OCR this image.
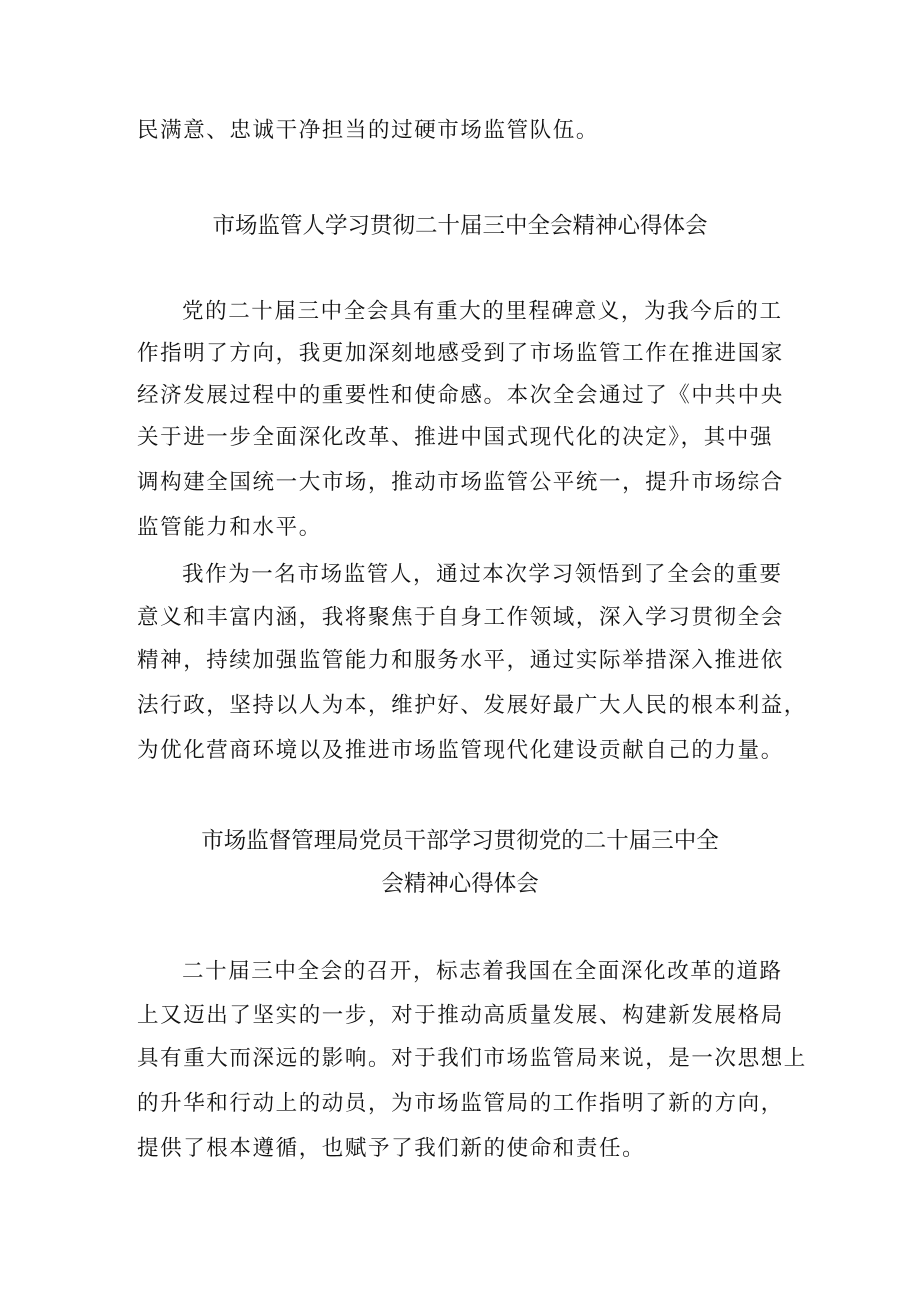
民满意、忠诚干净担当的过硬市场监管队伍。
市场监管人学习贯彻二十届三中全会精神心得体会
党的二十届三中全会具有重大的里程碑意义，为我今后的工
作指明了方向，我更加深刻地感受到了市场监管工作在推进国家
经济发展过程中的重要性和使命感。本次全会通过了《中共中央
关于进一步全面深化改革、推进中国式现代化的决定》，其中强
调构建全国统一大市场，推动市场监管公平统一，提升市场综合
监管能力和水平。
我作为一名市场监管人，通过本次学习领悟到了全会的重要
意义和丰富内涵，我将聚焦于自身工作领域，深入学习贯彻全会
精神，持续加强监管能力和服务水平，通过实际举措深入推进依
法行政，坚持以人为本，维护好、发展好最广大人民的根本利益，
为优化营商环境以及推进市场监管现代化建设贡献自己的力量。
市场监督管理局党员干部学习贯彻党的二十届三中全
会精神心得体会
二十届三中全会的召开，标志着我国在全面深化改革的道路
上又迈出了坚实的一步，对于推动高质量发展、构建新发展格局
具有重大而深远的影响。对于我们市场监管局来说，是一次思想上
的升华和行动上的动员，为市场监管局的工作指明了新的方向，
提供了根本遵循，也赋予了我们新的使命和责任。
